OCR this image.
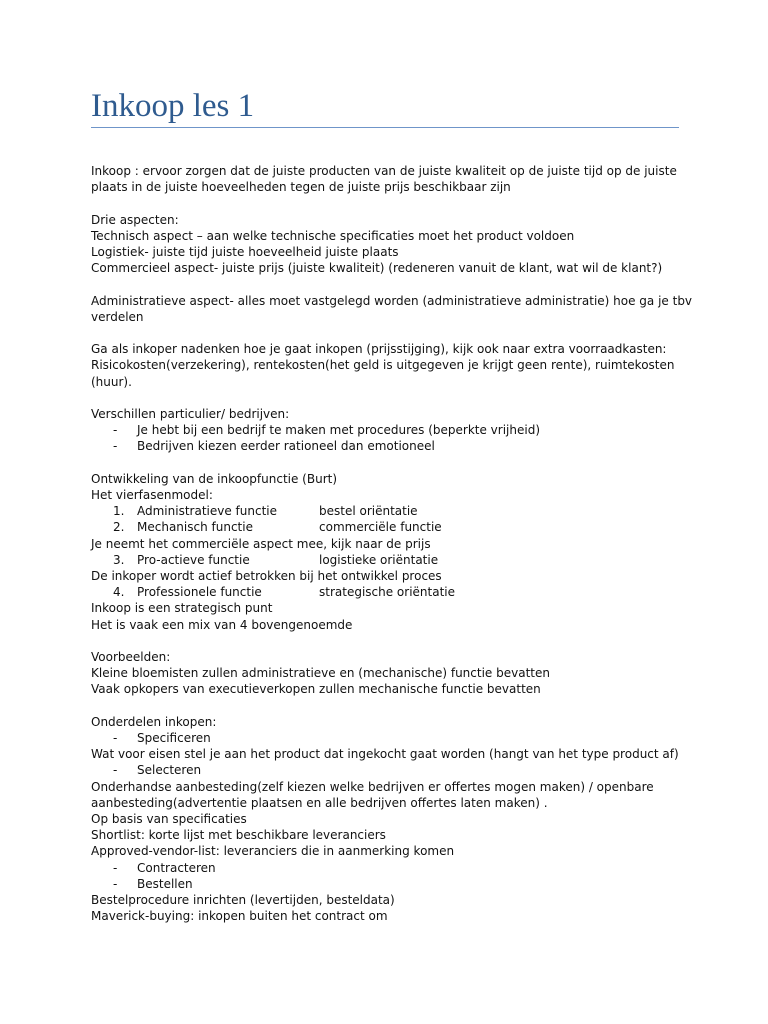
Inkoop les 1
Inkoop : ervoor zorgen dat de juiste producten van de juiste kwaliteit op de juiste tijd op de juiste
plaats in de juiste hoeveelheden tegen de juiste prijs beschikbaar zijn
Drie aspecten:
Technisch aspect – aan welke technische specificaties moet het product voldoen
Logistiek- juiste tijd juiste hoeveelheid juiste plaats
Commercieel aspect- juiste prijs (juiste kwaliteit) (redeneren vanuit de klant, wat wil de klant?)
Administratieve aspect- alles moet vastgelegd worden (administratieve administratie) hoe ga je tbv
verdelen
Ga als inkoper nadenken hoe je gaat inkopen (prijsstijging), kijk ook naar extra voorraadkasten:
Risicokosten(verzekering), rentekosten(het geld is uitgegeven je krijgt geen rente), ruimtekosten
(huur).
Verschillen particulier/ bedrijven:
- Je hebt bij een bedrijf te maken met procedures (beperkte vrijheid)
- Bedrijven kiezen eerder rationeel dan emotioneel
Ontwikkeling van de inkoopfunctie (Burt)
Het vierfasenmodel:
1. Administratieve functie	bestel oriëntatie
2. Mechanisch functie	commerciële functie
Je neemt het commerciële aspect mee, kijk naar de prijs
3. Pro-actieve functie	logistieke oriëntatie
De inkoper wordt actief betrokken bij het ontwikkel proces
4. Professionele functie	strategische oriëntatie
Inkoop is een strategisch punt
Het is vaak een mix van 4 bovengenoemde
Voorbeelden:
Kleine bloemisten zullen administratieve en (mechanische) functie bevatten
Vaak opkopers van executieverkopen zullen mechanische functie bevatten
Onderdelen inkopen:
- Specificeren
Wat voor eisen stel je aan het product dat ingekocht gaat worden (hangt van het type product af)
- Selecteren
Onderhandse aanbesteding(zelf kiezen welke bedrijven er offertes mogen maken) / openbare
aanbesteding(advertentie plaatsen en alle bedrijven offertes laten maken) .
Op basis van specificaties
Shortlist: korte lijst met beschikbare leveranciers
Approved-vendor-list: leveranciers die in aanmerking komen
- Contracteren
- Bestellen
Bestelprocedure inrichten (levertijden, besteldata)
Maverick-buying: inkopen buiten het contract om
